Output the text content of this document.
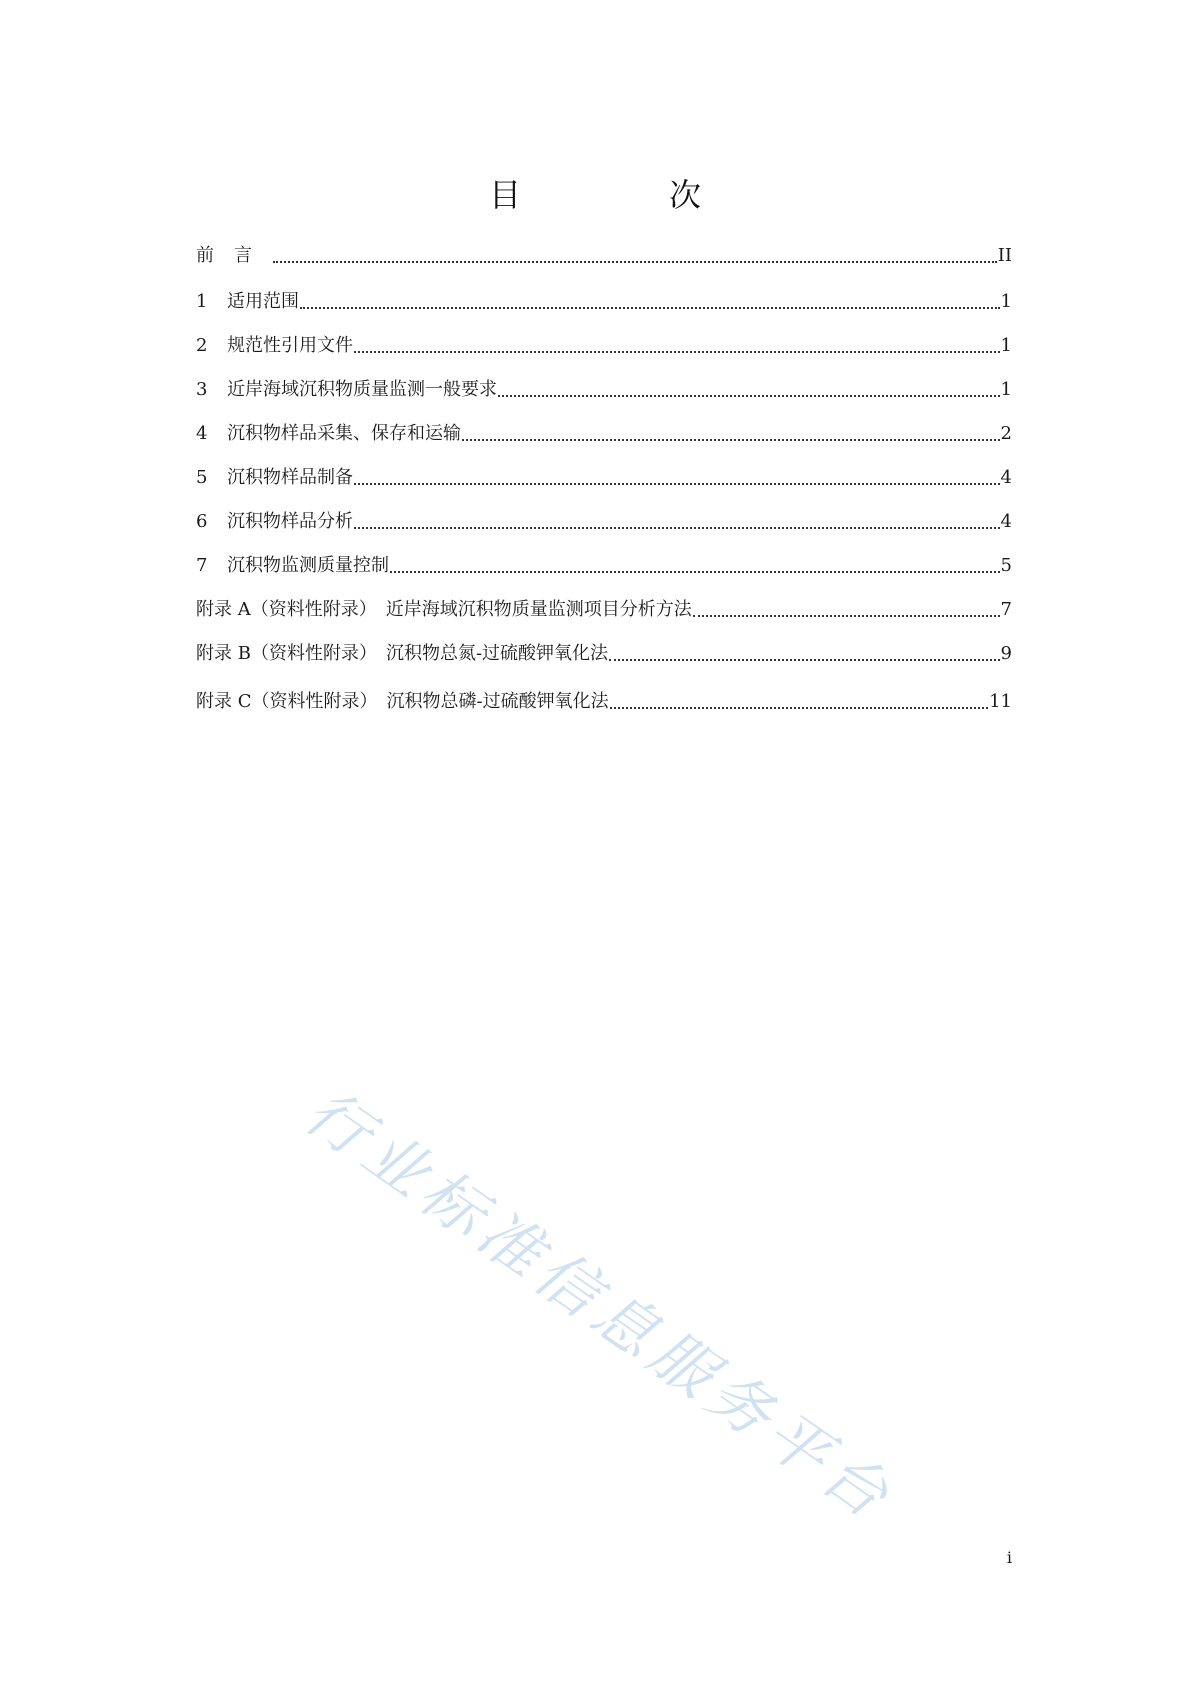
目　次
前言	II
1	适用范围	1
2	规范性引用文件	1
3	近岸海域沉积物质量监测一般要求	1
4	沉积物样品采集、保存和运输	2
5	沉积物样品制备	4
6	沉积物样品分析	4
7	沉积物监测质量控制	5
附录 A（资料性附录）　近岸海域沉积物质量监测项目分析方法	7
附录 B（资料性附录）　沉积物总氮-过硫酸钾氧化法	9
附录 C（资料性附录）　沉积物总磷-过硫酸钾氧化法	11
行业标准信息服务平台
i
